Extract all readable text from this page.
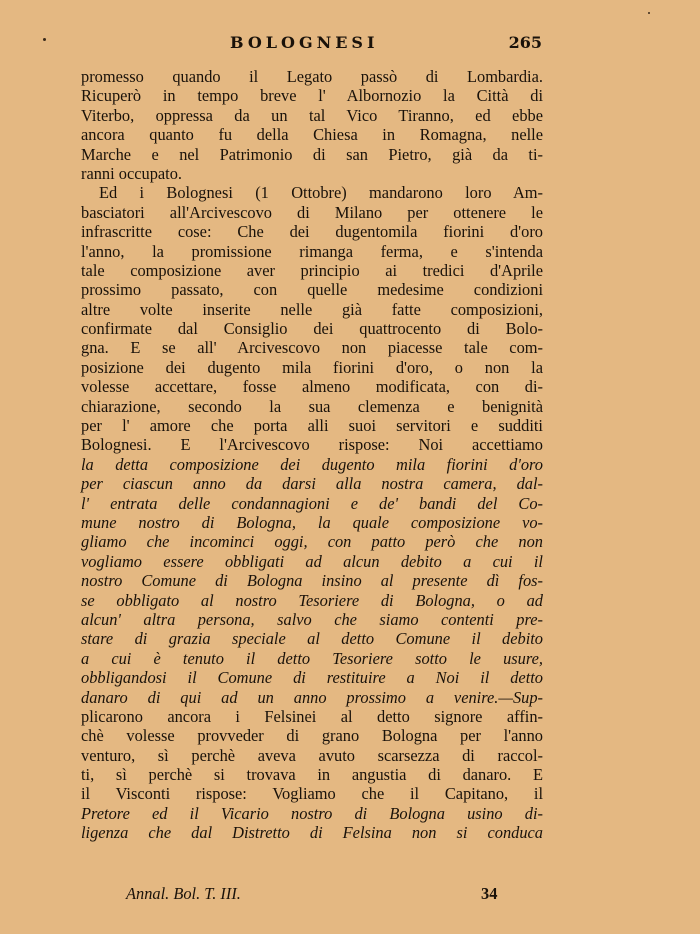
BOLOGNESI	265
promesso quando il Legato passò di Lombardia.
Ricuperò in tempo breve l' Albornozio la Città di
Viterbo, oppressa da un tal Vico Tiranno, ed ebbe
ancora quanto fu della Chiesa in Romagna, nelle
Marche e nel Patrimonio di san Pietro, già da ti-
ranni occupato.
Ed i Bolognesi (1 Ottobre) mandarono loro Am-
basciatori all'Arcivescovo di Milano per ottenere le
infrascritte cose: Che dei dugentomila fiorini d'oro
l'anno, la promissione rimanga ferma, e s'intenda
tale composizione aver principio ai tredici d'Aprile
prossimo passato, con quelle medesime condizioni
altre volte inserite nelle già fatte composizioni,
confirmate dal Consiglio dei quattrocento di Bolo-
gna. E se all' Arcivescovo non piacesse tale com-
posizione dei dugento mila fiorini d'oro, o non la
volesse accettare, fosse almeno modificata, con di-
chiarazione, secondo la sua clemenza e benignità
per l' amore che porta alli suoi servitori e sudditi
Bolognesi. E l'Arcivescovo rispose: Noi accettiamo
la detta composizione dei dugento mila fiorini d'oro
per ciascun anno da darsi alla nostra camera, dal-
l' entrata delle condannagioni e de' bandi del Co-
mune nostro di Bologna, la quale composizione vo-
gliamo che incominci oggi, con patto però che non
vogliamo essere obbligati ad alcun debito a cui il
nostro Comune di Bologna insino al presente dì fos-
se obbligato al nostro Tesoriere di Bologna, o ad
alcun' altra persona, salvo che siamo contenti pre-
stare di grazia speciale al detto Comune il debito
a cui è tenuto il detto Tesoriere sotto le usure,
obbligandosi il Comune di restituire a Noi il detto
danaro di qui ad un anno prossimo a venire.—Sup-
plicarono ancora i Felsinei al detto signore affin-
chè volesse provveder di grano Bologna per l'anno
venturo, sì perchè aveva avuto scarsezza di raccol-
ti, sì perchè si trovava in angustia di danaro. E
il Visconti rispose: Vogliamo che il Capitano, il
Pretore ed il Vicario nostro di Bologna usino di-
ligenza che dal Distretto di Felsina non si conduca
Annal. Bol. T. III.	34
